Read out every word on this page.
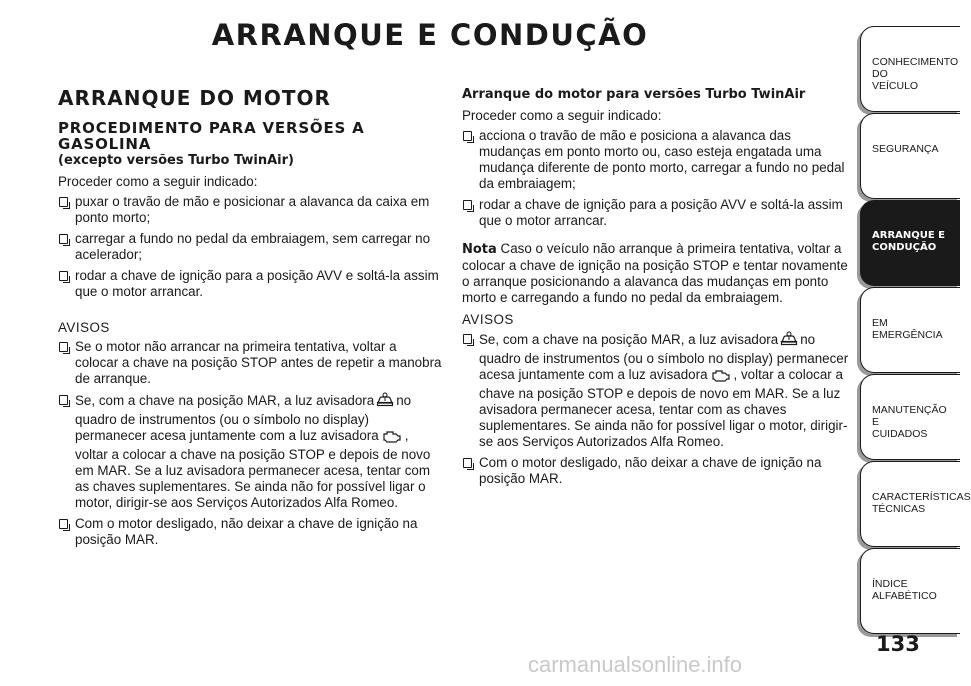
ARRANQUE E CONDUÇÃO
ARRANQUE DO MOTOR
PROCEDIMENTO PARA VERSÕES A
GASOLINA
(excepto versões Turbo TwinAir)

Proceder como a seguir indicado:

puxar o travão de mão e posicionar a alavanca da caixa em ponto morto;
carregar a fundo no pedal da embraiagem, sem carregar no acelerador;
rodar a chave de ignição para a posição AVV e soltá-la assim que o motor arrancar.
AVISOS
Se o motor não arrancar na primeira tentativa, voltar a colocar a chave na posição STOP antes de repetir a manobra de arranque.
Se, com a chave na posição MAR, a luz avisadora no quadro de instrumentos (ou o símbolo no display) permanecer acesa juntamente com a luz avisadora , voltar a colocar a chave na posição STOP e depois de novo em MAR. Se a luz avisadora permanecer acesa, tentar com as chaves suplementares. Se ainda não for possível ligar o motor, dirigir-se aos Serviços Autorizados Alfa Romeo.
Com o motor desligado, não deixar a chave de ignição na posição MAR.
Arranque do motor para versões Turbo TwinAir

Proceder como a seguir indicado:

acciona o travão de mão e posiciona a alavanca das mudanças em ponto morto ou, caso esteja engatada uma mudança diferente de ponto morto, carregar a fundo no pedal da embraiagem;
rodar a chave de ignição para a posição AVV e soltá-la assim que o motor arrancar.
Nota Caso o veículo não arranque à primeira tentativa, voltar a colocar a chave de ignição na posição STOP e tentar novamente o arranque posicionando a alavanca das mudanças em ponto morto e carregando a fundo no pedal da embraiagem.
AVISOS
Se, com a chave na posição MAR, a luz avisadora no quadro de instrumentos (ou o símbolo no display) permanecer acesa juntamente com a luz avisadora , voltar a colocar a chave na posição STOP e depois de novo em MAR. Se a luz avisadora permanecer acesa, tentar com as chaves suplementares. Se ainda não for possível ligar o motor, dirigir-se aos Serviços Autorizados Alfa Romeo.
Com o motor desligado, não deixar a chave de ignição na posição MAR.
CONHECIMENTO DO
VEÍCULO
SEGURANÇA
ARRANQUE E
CONDUÇÃO
EM EMERGÊNCIA
MANUTENÇÃO E
CUIDADOS
CARACTERÍSTICAS
TÉCNICAS
ÍNDICE ALFABÉTICO
133
carmanualsonline.info
